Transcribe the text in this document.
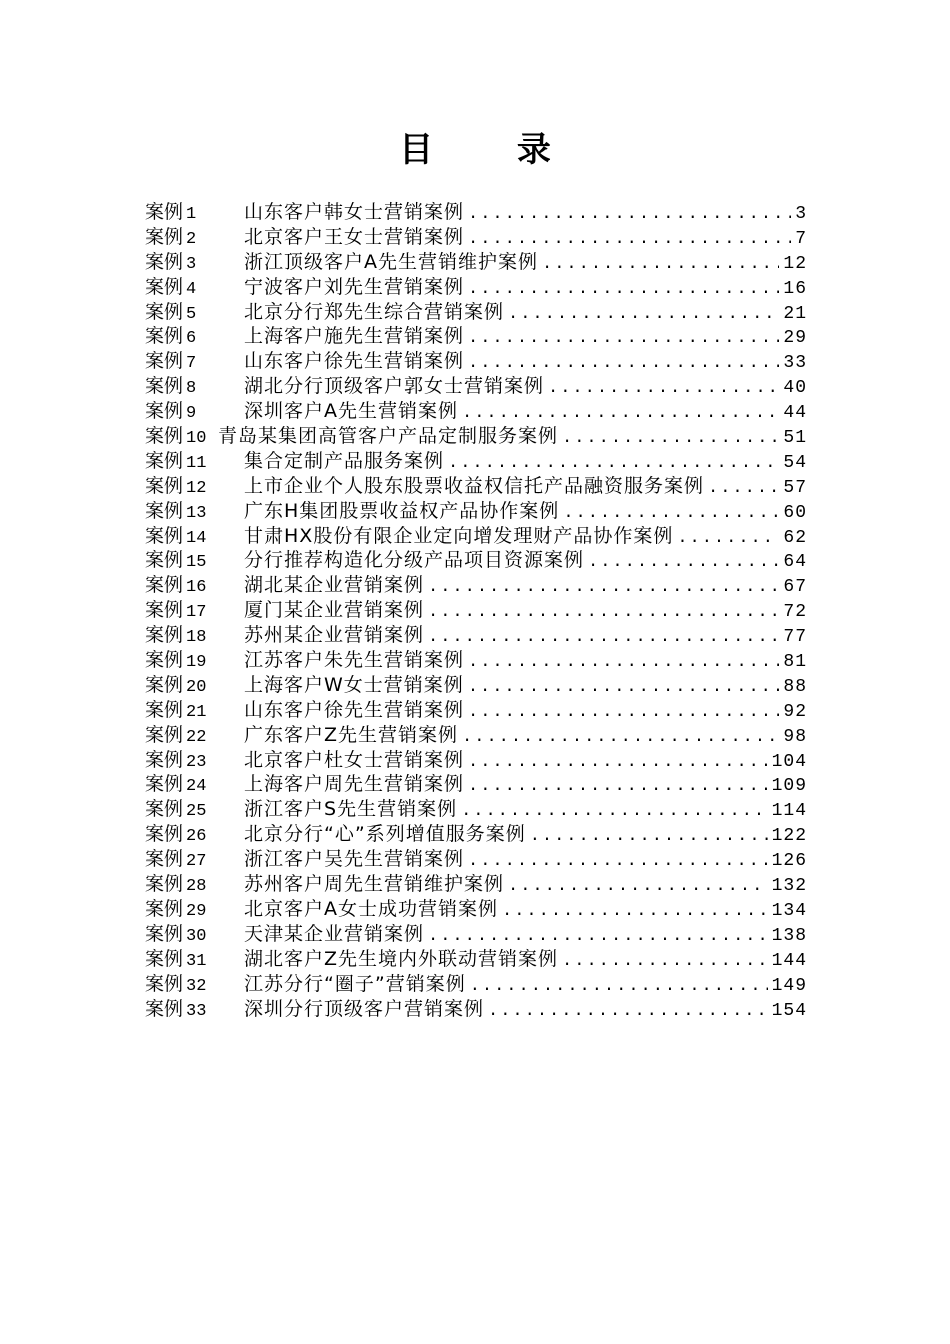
目 录
案例 1	山东客户韩女士营销案例 .....	3
案例 2	北京客户王女士营销案例 .....	7
案例 3	浙江顶级客户A先生营销维护案例 .....	12
案例 4	宁波客户刘先生营销案例 .....	16
案例 5	北京分行郑先生综合营销案例 .....	21
案例 6	上海客户施先生营销案例 .....	29
案例 7	山东客户徐先生营销案例 .....	33
案例 8	湖北分行顶级客户郭女士营销案例 .....	40
案例 9	深圳客户A先生营销案例 .....	44
案例 10 青岛某集团高管客户产品定制服务案例 .....	51
案例 11	集合定制产品服务案例 .....	54
案例 12	上市企业个人股东股票收益权信托产品融资服务案例 .....	57
案例 13	广东H集团股票收益权产品协作案例 .....	60
案例 14	甘肃HX股份有限企业定向增发理财产品协作案例 .....	62
案例 15	分行推荐构造化分级产品项目资源案例 .....	64
案例 16	湖北某企业营销案例 .....	67
案例 17	厦门某企业营销案例 .....	72
案例 18	苏州某企业营销案例 .....	77
案例 19	江苏客户朱先生营销案例 .....	81
案例 20	上海客户W女士营销案例 .....	88
案例 21	山东客户徐先生营销案例 .....	92
案例 22	广东客户Z先生营销案例 .....	98
案例 23	北京客户杜女士营销案例 .....	104
案例 24	上海客户周先生营销案例 .....	109
案例 25	浙江客户S先生营销案例 .....	114
案例 26	北京分行“心”系列增值服务案例 .....	122
案例 27	浙江客户吴先生营销案例 .....	126
案例 28	苏州客户周先生营销维护案例 .....	132
案例 29	北京客户A女士成功营销案例 .....	134
案例 30	天津某企业营销案例 .....	138
案例 31	湖北客户Z先生境内外联动营销案例 .....	144
案例 32	江苏分行“圈子”营销案例 .....	149
案例 33	深圳分行顶级客户营销案例 .....	154
